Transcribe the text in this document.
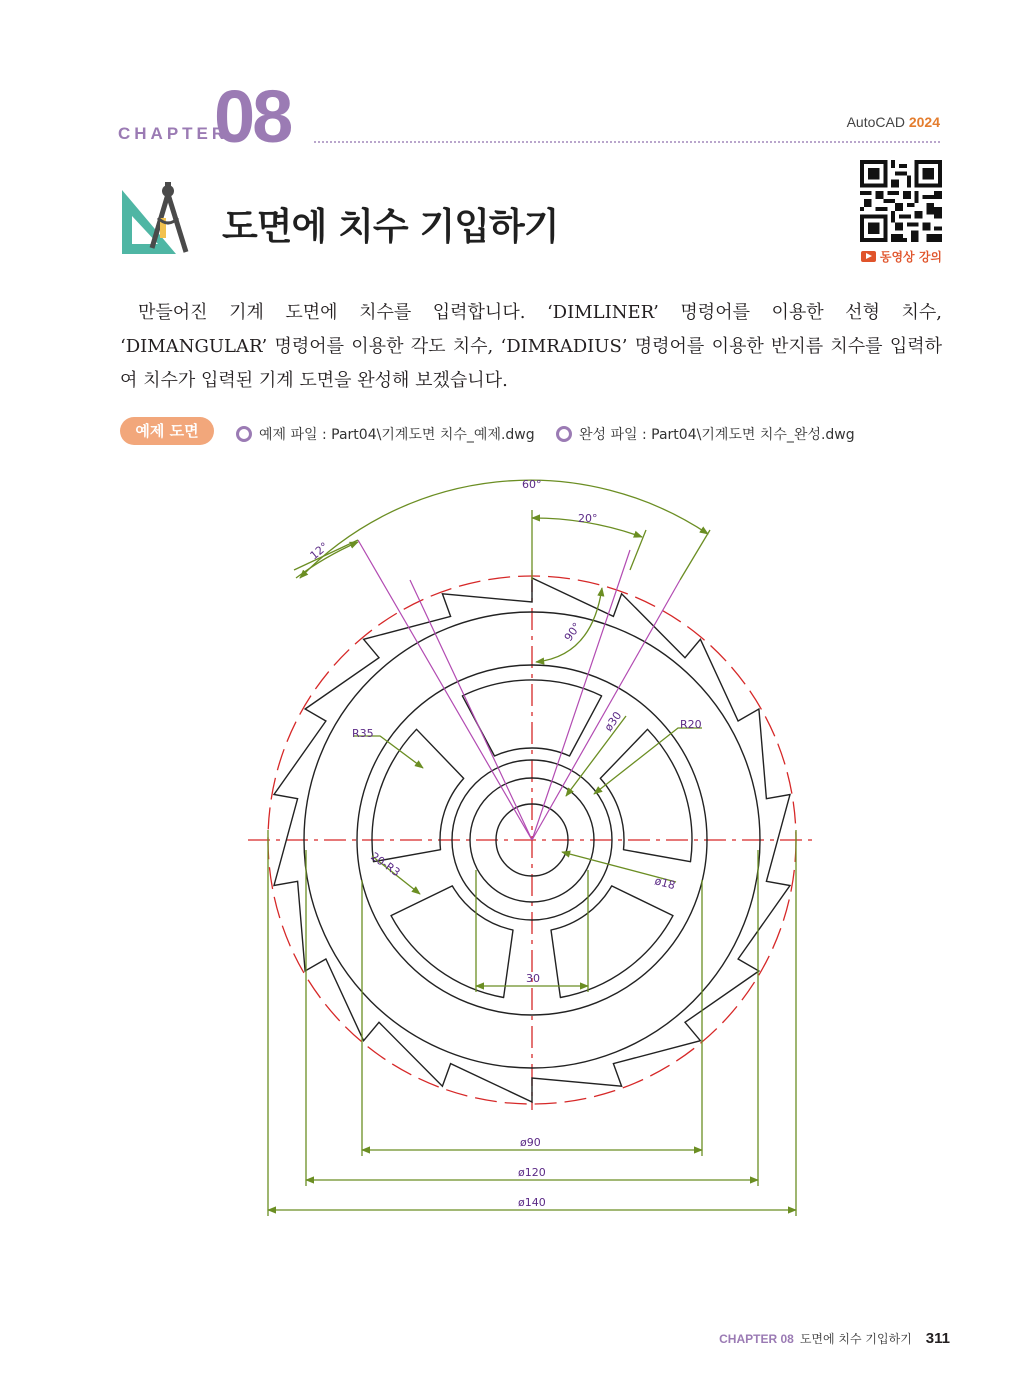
CHAPTER
08	AutoCAD 2024
도면에 치수 기입하기
동영상 강의

만들어진 기계 도면에 치수를 입력합니다. ‘DIMLINER’ 명령어를 이용한 선형 치수, ‘DIMANGULAR’ 명령어를 이용한 각도 치수, ‘DIMRADIUS’ 명령어를 이용한 반지름 치수를 입력하여 치수가 입력된 기계 도면을 완성해 보겠습니다.

예제 도면	예제 파일 : Part04\기계도면 치수_예제.dwg	완성 파일 : Part04\기계도면 치수_완성.dwg
60°
20°
12°
90°
R35
R20
ø30
ø18
20-R3
30
ø90
ø120
ø140
CHAPTER 08 도면에 치수 기입하기 311
